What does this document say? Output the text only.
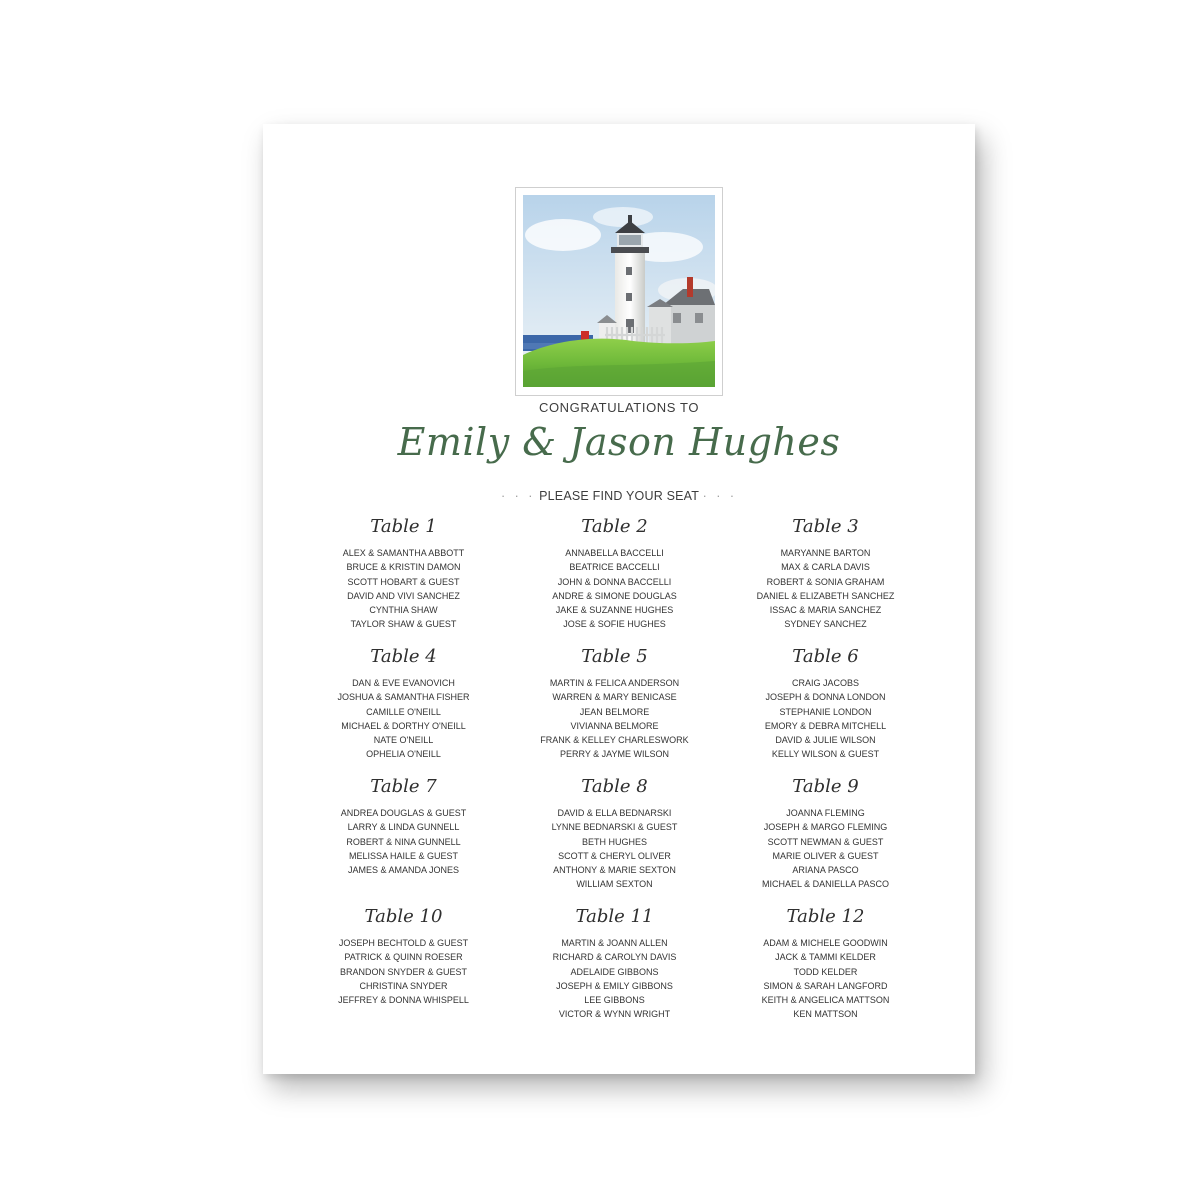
CONGRATULATIONS TO
Emily & Jason Hughes
· · · PLEASE FIND YOUR SEAT · · ·
Table 1
ALEX & SAMANTHA ABBOTT
BRUCE & KRISTIN DAMON
SCOTT HOBART & GUEST
DAVID AND VIVI SANCHEZ
CYNTHIA SHAW
TAYLOR SHAW & GUEST
Table 2
ANNABELLA BACCELLI
BEATRICE BACCELLI
JOHN & DONNA BACCELLI
ANDRE & SIMONE DOUGLAS
JAKE & SUZANNE HUGHES
JOSE & SOFIE HUGHES
Table 3
MARYANNE BARTON
MAX & CARLA DAVIS
ROBERT & SONIA GRAHAM
DANIEL & ELIZABETH SANCHEZ
ISSAC & MARIA SANCHEZ
SYDNEY SANCHEZ
Table 4
DAN & EVE EVANOVICH
JOSHUA & SAMANTHA FISHER
CAMILLE O'NEILL
MICHAEL & DORTHY O'NEILL
NATE O'NEILL
OPHELIA O'NEILL
Table 5
MARTIN & FELICA ANDERSON
WARREN & MARY BENICASE
JEAN BELMORE
VIVIANNA BELMORE
FRANK & KELLEY CHARLESWORK
PERRY & JAYME WILSON
Table 6
CRAIG JACOBS
JOSEPH & DONNA LONDON
STEPHANIE LONDON
EMORY & DEBRA MITCHELL
DAVID & JULIE WILSON
KELLY WILSON & GUEST
Table 7
ANDREA DOUGLAS & GUEST
LARRY & LINDA GUNNELL
ROBERT & NINA GUNNELL
MELISSA HAILE & GUEST
JAMES & AMANDA JONES
Table 8
DAVID & ELLA BEDNARSKI
LYNNE BEDNARSKI & GUEST
BETH HUGHES
SCOTT & CHERYL OLIVER
ANTHONY & MARIE SEXTON
WILLIAM SEXTON
Table 9
JOANNA FLEMING
JOSEPH & MARGO FLEMING
SCOTT NEWMAN & GUEST
MARIE OLIVER & GUEST
ARIANA PASCO
MICHAEL & DANIELLA PASCO
Table 10
JOSEPH BECHTOLD & GUEST
PATRICK & QUINN ROESER
BRANDON SNYDER & GUEST
CHRISTINA SNYDER
JEFFREY & DONNA WHISPELL
Table 11
MARTIN & JOANN ALLEN
RICHARD & CAROLYN DAVIS
ADELAIDE GIBBONS
JOSEPH & EMILY GIBBONS
LEE GIBBONS
VICTOR & WYNN WRIGHT
Table 12
ADAM & MICHELE GOODWIN
JACK & TAMMI KELDER
TODD KELDER
SIMON & SARAH LANGFORD
KEITH & ANGELICA MATTSON
KEN MATTSON
